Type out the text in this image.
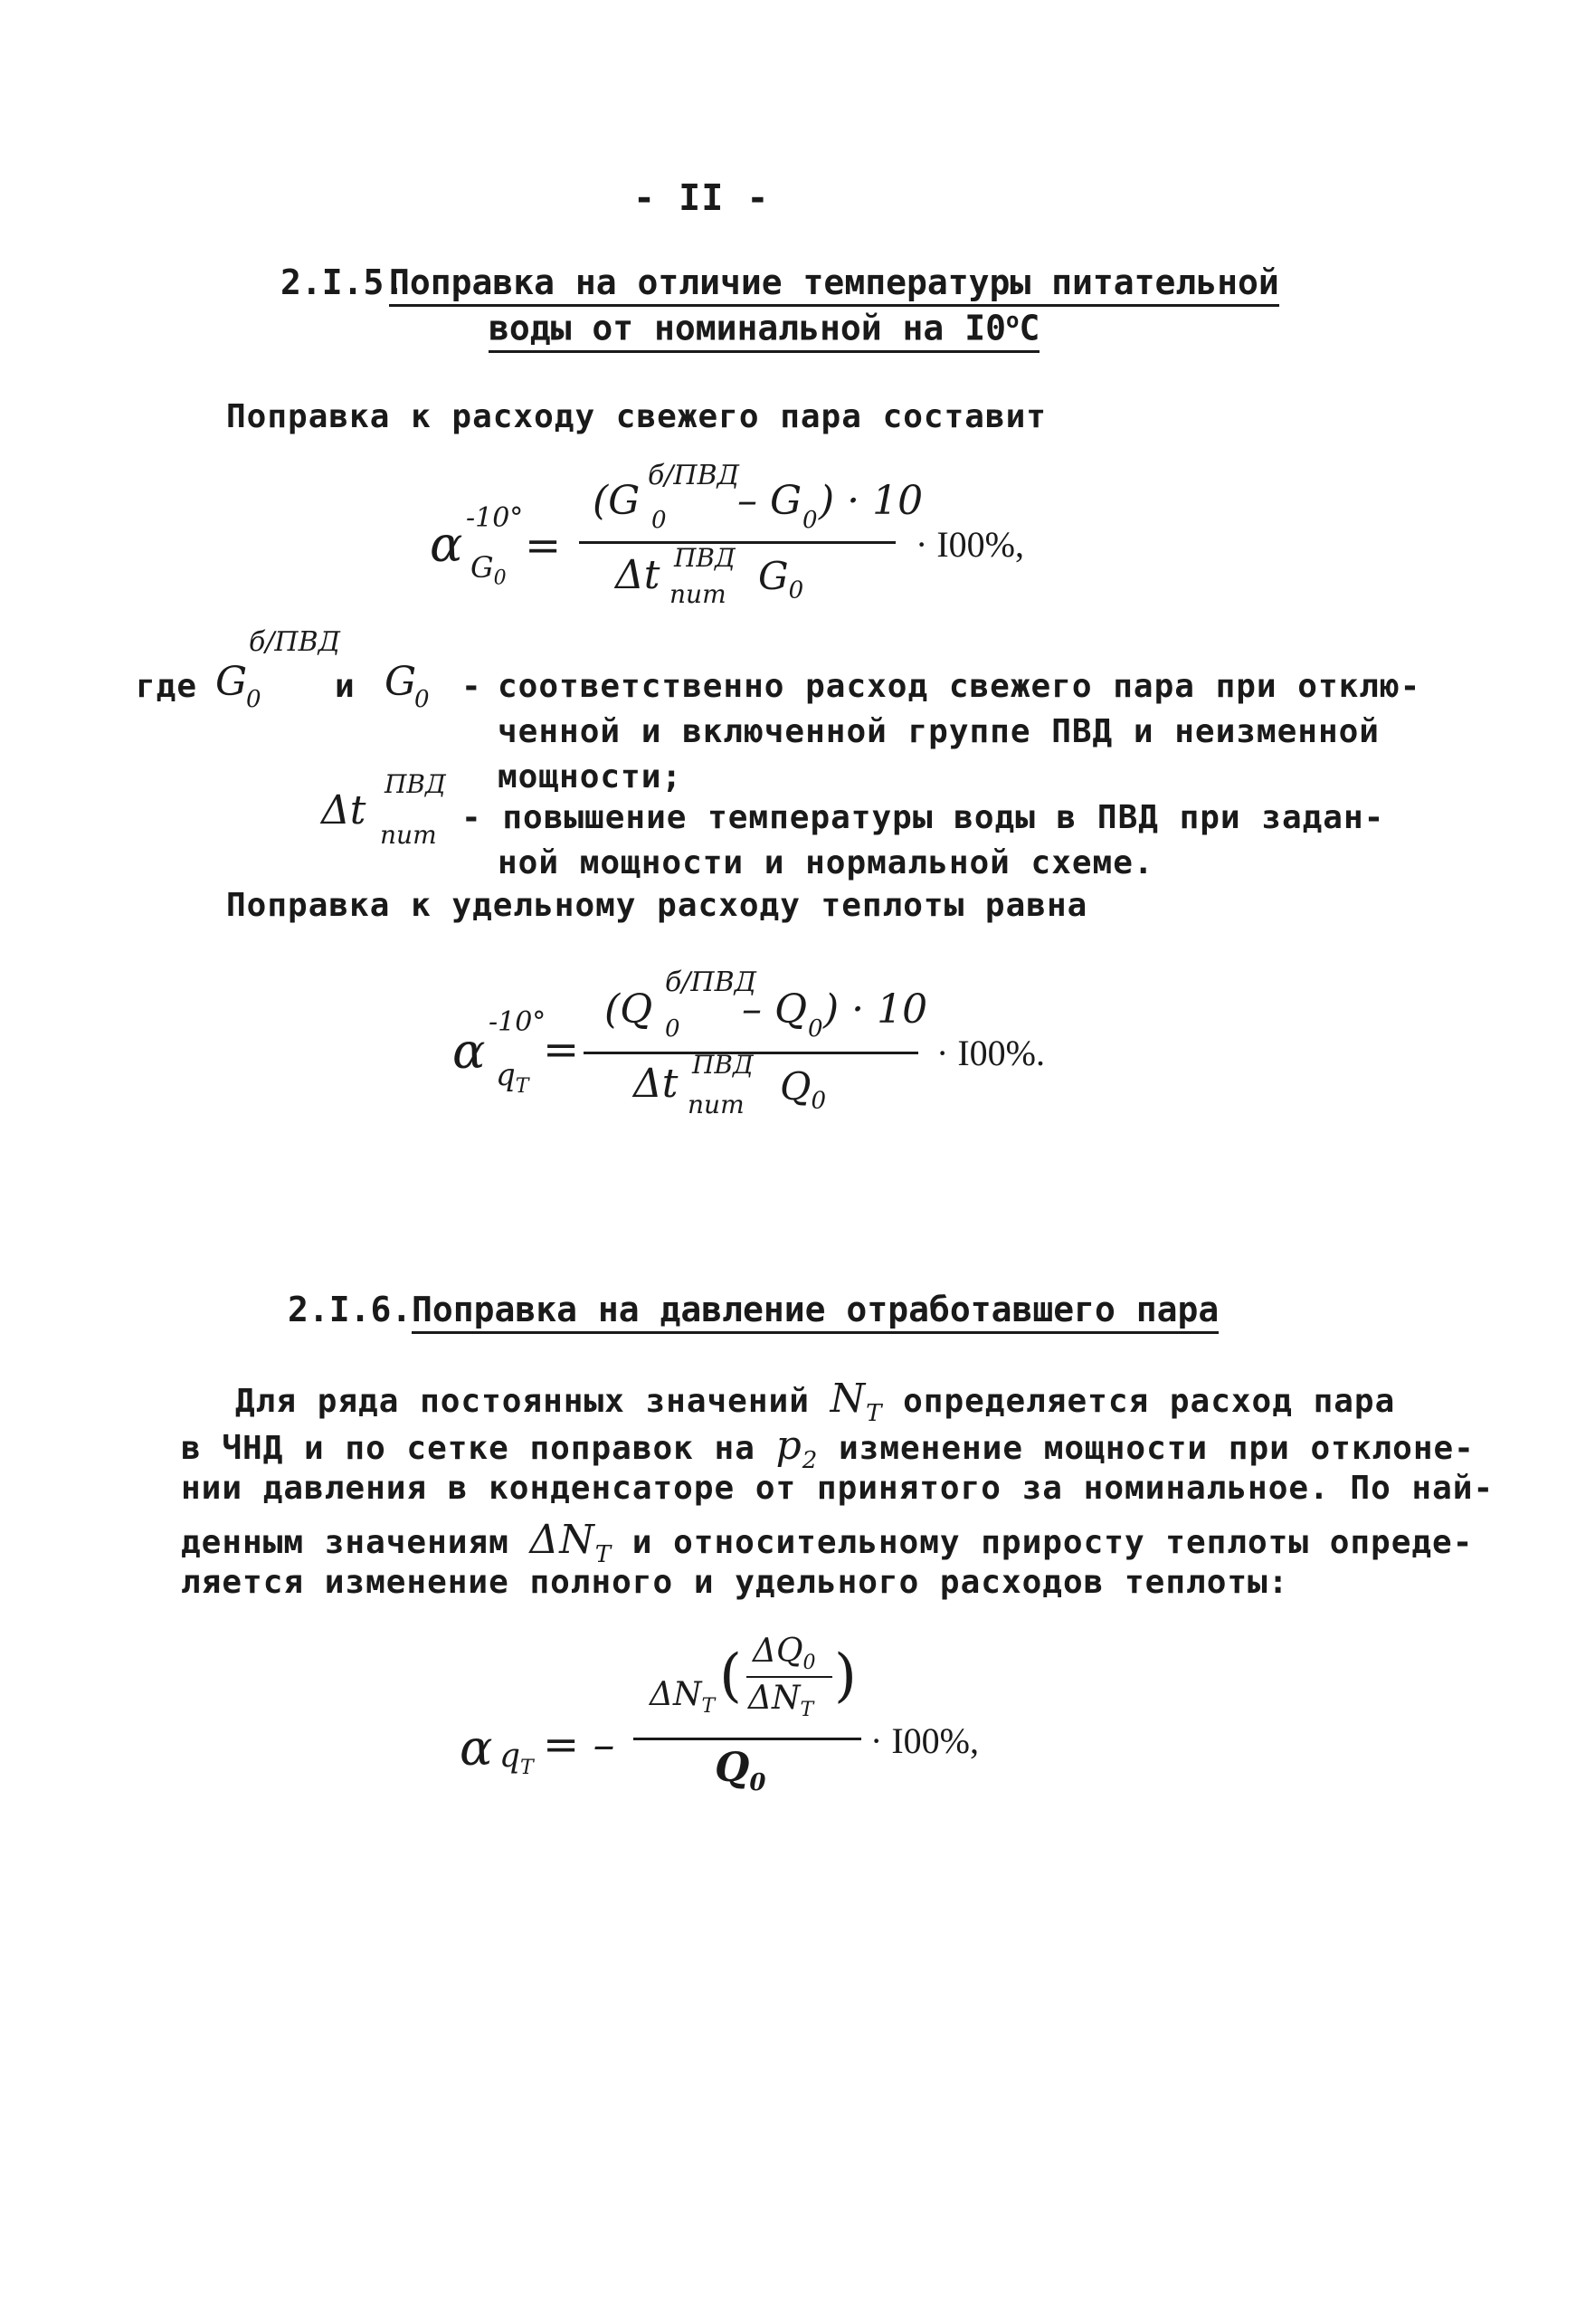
- II -
2.I.5.
Поправка на отличие температуры питательной
воды от номинальной на I0$^o$C
Поправка к расходу свежего пара составит
α -10°
$G_0$
=
(G 0
б/ПВД
– G 0 ) · 10
Δt ПВД
пит $G_0$
· I00%,
где G
б/ПВД
0 и G
0 - соответственно расход свежего пара при отклю-
ченной и включенной группе ПВД и неизменной
мощности;
Δt
ПВД
пит - повышение температуры воды в ПВД при задан-
ной мощности и нормальной схеме.
Поправка к удельному расходу теплоты равна
α
-10°
$q_T$
=
(Q 0
б/ПВД
– Q 0 ) · 10
Δt ПВД
пит $Q_0$
· I00%.
2.I.6. Поправка на давление отработавшего пара
Для ряда постоянных значений $N_T$ определяется расход пара
в ЧНД и по сетке поправок на $p_2$ изменение мощности при отклоне-
нии давления в конденсаторе от принятого за номинальное. По най-
денным значениям $\Delta N_T$ и относительному приросту теплоты опреде-
ляется изменение полного и удельного расходов теплоты:
α $q_T$ = –
$\Delta N_T$ ( $\Delta Q_0$
$\Delta N_T$
)
$Q_0$
· I00%,
